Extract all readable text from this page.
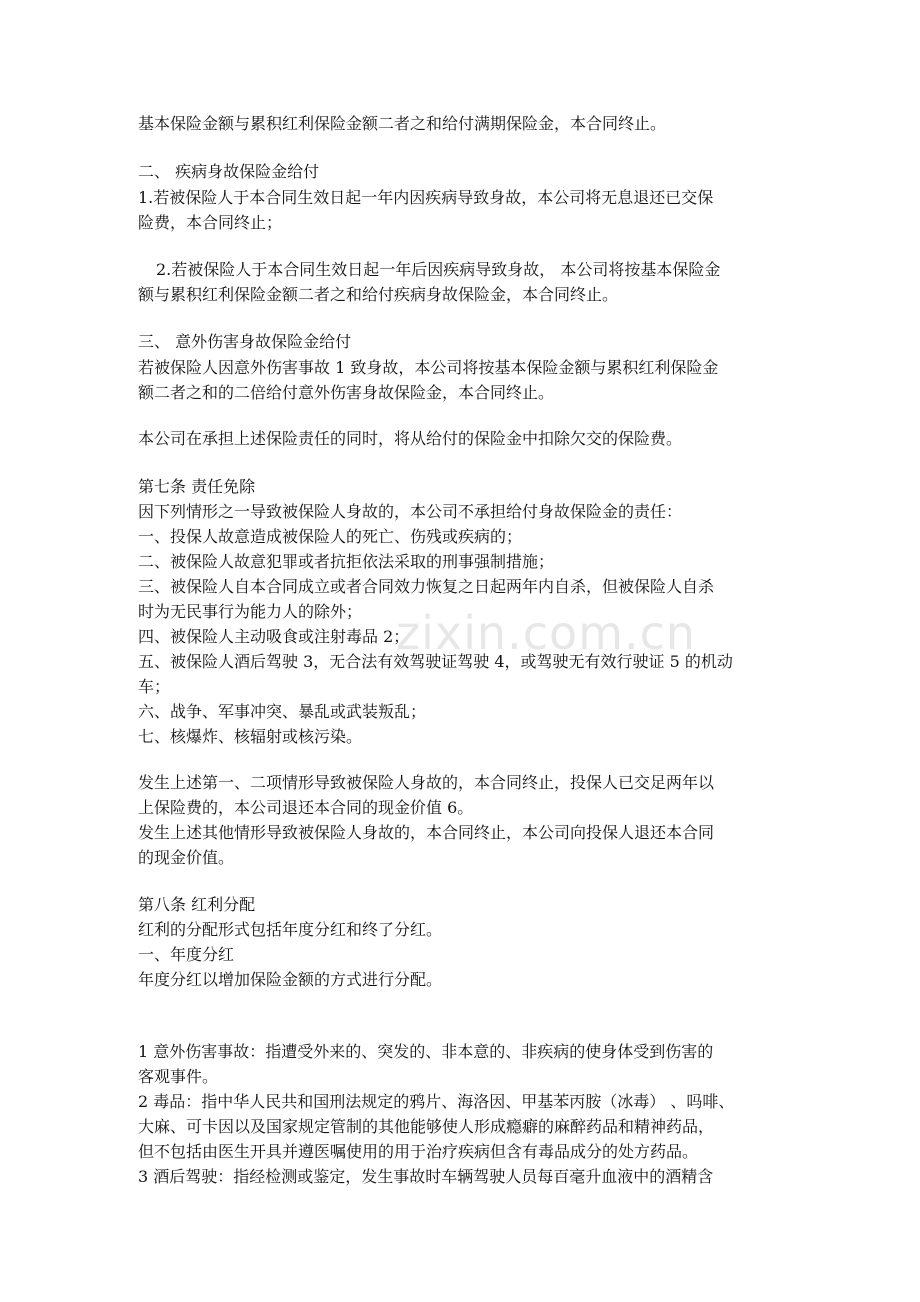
zixin.com.cn

基本保险金额与累积红利保险金额二者之和给付满期保险金，本合同终止。

二、 疾病身故保险金给付

1.若被保险人于本合同生效日起一年内因疾病导致身故，本公司将无息退还已交保

险费，本合同终止；

2.若被保险人于本合同生效日起一年后因疾病导致身故， 本公司将按基本保险金

额与累积红利保险金额二者之和给付疾病身故保险金，本合同终止。

三、 意外伤害身故保险金给付

若被保险人因意外伤害事故 1 致身故，本公司将按基本保险金额与累积红利保险金

额二者之和的二倍给付意外伤害身故保险金，本合同终止。

本公司在承担上述保险责任的同时，将从给付的保险金中扣除欠交的保险费。

第七条 责任免除

因下列情形之一导致被保险人身故的，本公司不承担给付身故保险金的责任：

一、投保人故意造成被保险人的死亡、伤残或疾病的；

二、被保险人故意犯罪或者抗拒依法采取的刑事强制措施；

三、被保险人自本合同成立或者合同效力恢复之日起两年内自杀，但被保险人自杀

时为无民事行为能力人的除外；

四、被保险人主动吸食或注射毒品 2；

五、被保险人酒后驾驶 3，无合法有效驾驶证驾驶 4，或驾驶无有效行驶证 5 的机动

车；

六、战争、军事冲突、暴乱或武装叛乱；

七、核爆炸、核辐射或核污染。

发生上述第一、二项情形导致被保险人身故的，本合同终止，投保人已交足两年以

上保险费的，本公司退还本合同的现金价值 6。

发生上述其他情形导致被保险人身故的，本合同终止，本公司向投保人退还本合同

的现金价值。

第八条 红利分配

红利的分配形式包括年度分红和终了分红。

一、年度分红

年度分红以增加保险金额的方式进行分配。

1 意外伤害事故：指遭受外来的、突发的、非本意的、非疾病的使身体受到伤害的

客观事件。

2 毒品：指中华人民共和国刑法规定的鸦片、海洛因、甲基苯丙胺（冰毒） 、吗啡、

大麻、可卡因以及国家规定管制的其他能够使人形成瘾癖的麻醉药品和精神药品，

但不包括由医生开具并遵医嘱使用的用于治疗疾病但含有毒品成分的处方药品。

3 酒后驾驶：指经检测或鉴定，发生事故时车辆驾驶人员每百毫升血液中的酒精含
